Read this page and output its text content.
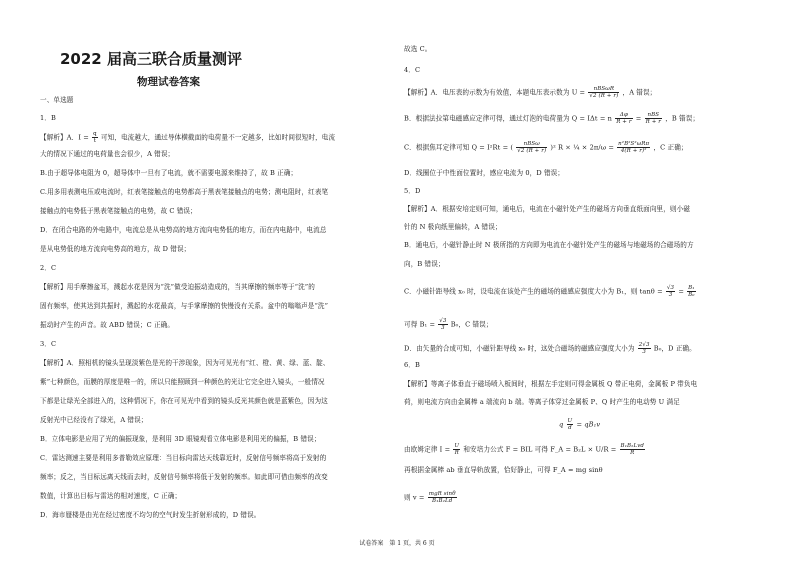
2022 届高三联合质量测评
物理试卷答案
一、单选题
1．B
【解析】A．$I = \frac{q}{t}$ 可知，电流越大，通过导体横截面的电荷量不一定越多，比如时间很短时，电流
大的情况下通过的电荷量也会很少，A 错误；
B.由于超导体电阻为 0，超导体中一旦有了电流，就不需要电源来维持了，故 B 正确；
C.用多用表测电压或电流时，红表笔接触点的电势都高于黑表笔接触点的电势；测电阻时，红表笔
接触点的电势低于黑表笔接触点的电势，故 C 错误；
D．在闭合电路的外电路中，电流总是从电势高的地方流向电势低的地方，而在内电路中，电流总
是从电势低的地方流向电势高的地方，故 D 错误；
2．C
【解析】用手摩擦盆耳，溅起水花是因为“洗”做受迫振动造成的，当其摩擦的频率等于“洗”的
固有频率，使其达到共振时，溅起的水花最高，与手掌摩擦的快慢没有关系。盆中的嗡嗡声是“洗”
振动时产生的声音。故 ABD 错误；C 正确。
3．C
【解析】A．照相机的镜头呈现淡紫色是光的干涉现象，因为可见光有“红、橙、黄、绿、蓝、靛、
紫”七种颜色，而膜的厚度是唯一的，所以只能照顾到一种颜色的光让它完全进入镜头，一般情况
下都是让绿光全部进入的，这种情况下，你在可见光中看到的镜头反光其颜色就是蓝紫色，因为这
反射光中已经没有了绿光，A 错误；
B．立体电影是应用了光的偏振现象，是利用 3D 眼镜观看立体电影是利用光的偏振，B 错误；
C．雷达测速主要是利用多普勒效应原理：当目标向雷达天线靠近时，反射信号频率将高于发射的
频率；反之，当目标远离天线而去时，反射信号频率将低于发射的频率。如此即可借由频率的改变
数值，计算出目标与雷达的相对速度，C 正确；
D．海市蜃楼是由光在经过密度不均匀的空气时发生折射形成的，D 错误。
故选 C。
4．C
【解析】A．电压表的示数为有效值，本题电压表示数为 $U = \frac{\text{nBSωR}}{√2 (R + r)}$ ，A 错误；
B．根据法拉第电磁感应定律可得，通过灯泡的电荷量为 Q = IΔt = n $\frac{\Delta\varphi}{R + r} = \frac{\text{nBS}}{R + r}$ ，B 错误；
C．根据焦耳定律可知 Q = I²Rt = ( $\frac{\text{nBSω}}{√2 (R + r)} )^2$ R × ¼ × $2\pi/\omega = \frac{\text{n²B²S²ωRπ}}{\text{4(R + r)²}}$ ，C 正确；
D．线圈位于中性面位置时，感应电流为 0，D 错误；
5．D
【解析】A．根据安培定则可知，通电后，电流在小磁针处产生的磁场方向垂直纸面向里，则小磁
针的 N 极向纸里偏转，A 错误；
B．通电后，小磁针静止时 N 极所指的方向即为电流在小磁针处产生的磁场与地磁场的合磁场的方
向，B 错误；
C．小磁针距导线 x₀ 时，设电流在该处产生的磁场的磁感应强度大小为 B₁，则 $\tan\theta = \frac{√3}{3} = \frac{\text{B₁}}{\text{B₀}}$
可得 $B_1 = \frac{√3}{3} B_0$，C 错误；
D．由矢量的合成可知，小磁针距导线 x₀ 时，这处合磁场的磁感应强度大小为 $\frac{2√3}{3} B_0$，D 正确。
6．B
【解析】等离子体垂直于磁场喷入板间时，根据左手定则可得金属板 Q 带正电荷，金属板 P 带负电
荷，则电流方向由金属棒 a 端流向 b 端。等离子体穿过金属板 P、Q 时产生的电动势 U 满足
q $\frac{U}{d} = qB_1v$
由欧姆定律 $I = \frac{U}{R}$ 和安培力公式 F = BIL 可得 F_A = $B_2L \times U/R = \frac{\text{B₁B₂Lvd}}{R}$
再根据金属棒 ab 垂直导轨放置，恰好静止，可得 F_A = mg sinθ
则 $v = \frac{\text{mgR sinθ}}{\text{B₁B₂Ld}}$
试卷答案　第 1 页，共 6 页
